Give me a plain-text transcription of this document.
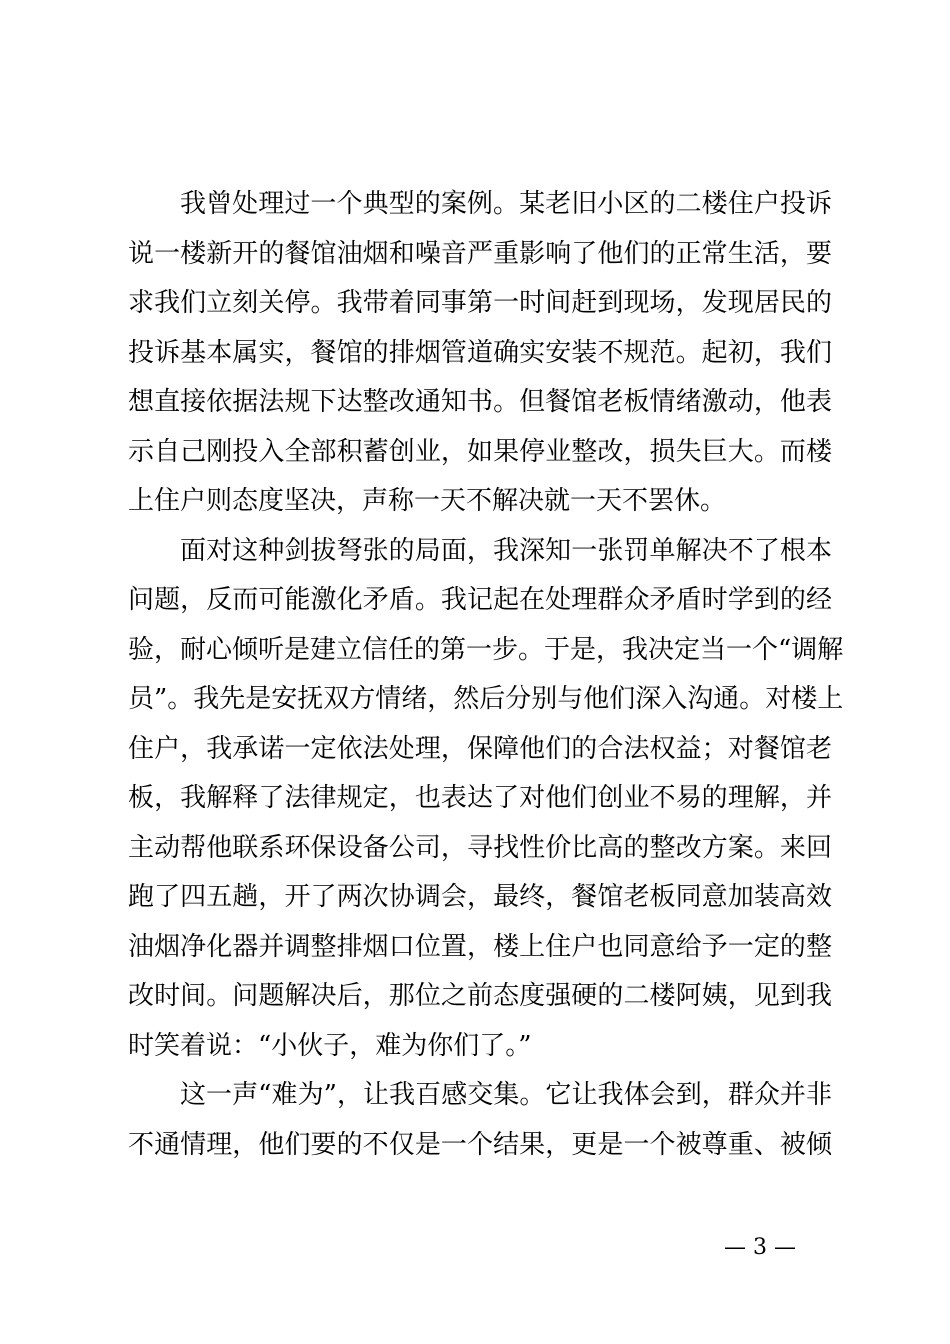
我曾处理过一个典型的案例。某老旧小区的二楼住户投诉
说一楼新开的餐馆油烟和噪音严重影响了他们的正常生活，要
求我们立刻关停。我带着同事第一时间赶到现场，发现居民的
投诉基本属实，餐馆的排烟管道确实安装不规范。起初，我们
想直接依据法规下达整改通知书。但餐馆老板情绪激动，他表
示自己刚投入全部积蓄创业，如果停业整改，损失巨大。而楼
上住户则态度坚决，声称一天不解决就一天不罢休。
面对这种剑拔弩张的局面，我深知一张罚单解决不了根本
问题，反而可能激化矛盾。我记起在处理群众矛盾时学到的经
验，耐心倾听是建立信任的第一步。于是，我决定当一个“调解
员”。我先是安抚双方情绪，然后分别与他们深入沟通。对楼上
住户，我承诺一定依法处理，保障他们的合法权益；对餐馆老
板，我解释了法律规定，也表达了对他们创业不易的理解，并
主动帮他联系环保设备公司，寻找性价比高的整改方案。来回
跑了四五趟，开了两次协调会，最终，餐馆老板同意加装高效
油烟净化器并调整排烟口位置，楼上住户也同意给予一定的整
改时间。问题解决后，那位之前态度强硬的二楼阿姨，见到我
时笑着说：“小伙子，难为你们了。”
这一声“难为”，让我百感交集。它让我体会到，群众并非
不通情理，他们要的不仅是一个结果，更是一个被尊重、被倾
— 3 —
